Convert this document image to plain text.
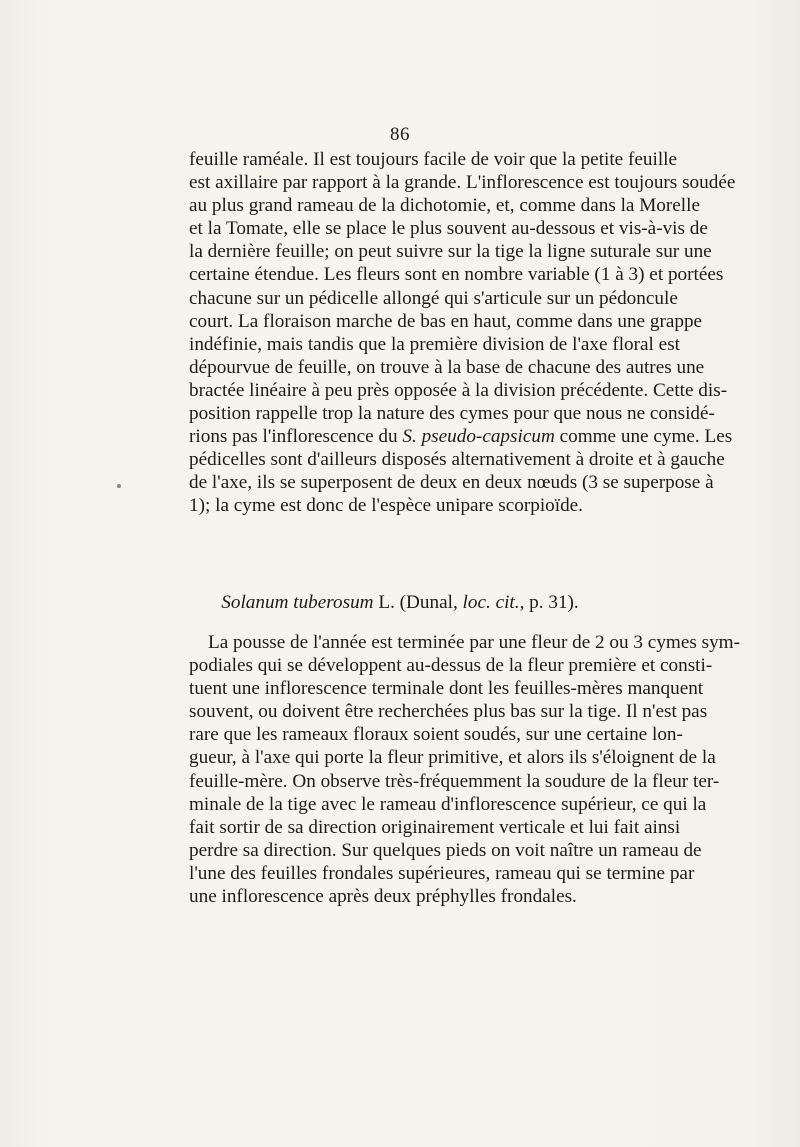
86
feuille raméale. Il est toujours facile de voir que la petite feuille
est axillaire par rapport à la grande. L'inflorescence est toujours soudée
au plus grand rameau de la dichotomie, et, comme dans la Morelle
et la Tomate, elle se place le plus souvent au-dessous et vis-à-vis de
la dernière feuille; on peut suivre sur la tige la ligne suturale sur une
certaine étendue. Les fleurs sont en nombre variable (1 à 3) et portées
chacune sur un pédicelle allongé qui s'articule sur un pédoncule
court. La floraison marche de bas en haut, comme dans une grappe
indéfinie, mais tandis que la première division de l'axe floral est
dépourvue de feuille, on trouve à la base de chacune des autres une
bractée linéaire à peu près opposée à la division précédente. Cette dis-
position rappelle trop la nature des cymes pour que nous ne considé-
rions pas l'inflorescence du S. pseudo-capsicum comme une cyme. Les
pédicelles sont d'ailleurs disposés alternativement à droite et à gauche
de l'axe, ils se superposent de deux en deux nœuds (3 se superpose à
1); la cyme est donc de l'espèce unipare scorpioïde.
Solanum tuberosum L. (Dunal, loc. cit., p. 31).
La pousse de l'année est terminée par une fleur de 2 ou 3 cymes sym-
podiales qui se développent au-dessus de la fleur première et consti-
tuent une inflorescence terminale dont les feuilles-mères manquent
souvent, ou doivent être recherchées plus bas sur la tige. Il n'est pas
rare que les rameaux floraux soient soudés, sur une certaine lon-
gueur, à l'axe qui porte la fleur primitive, et alors ils s'éloignent de la
feuille-mère. On observe très-fréquemment la soudure de la fleur ter-
minale de la tige avec le rameau d'inflorescence supérieur, ce qui la
fait sortir de sa direction originairement verticale et lui fait ainsi
perdre sa direction. Sur quelques pieds on voit naître un rameau de
l'une des feuilles frondales supérieures, rameau qui se termine par
une inflorescence après deux préphylles frondales.
